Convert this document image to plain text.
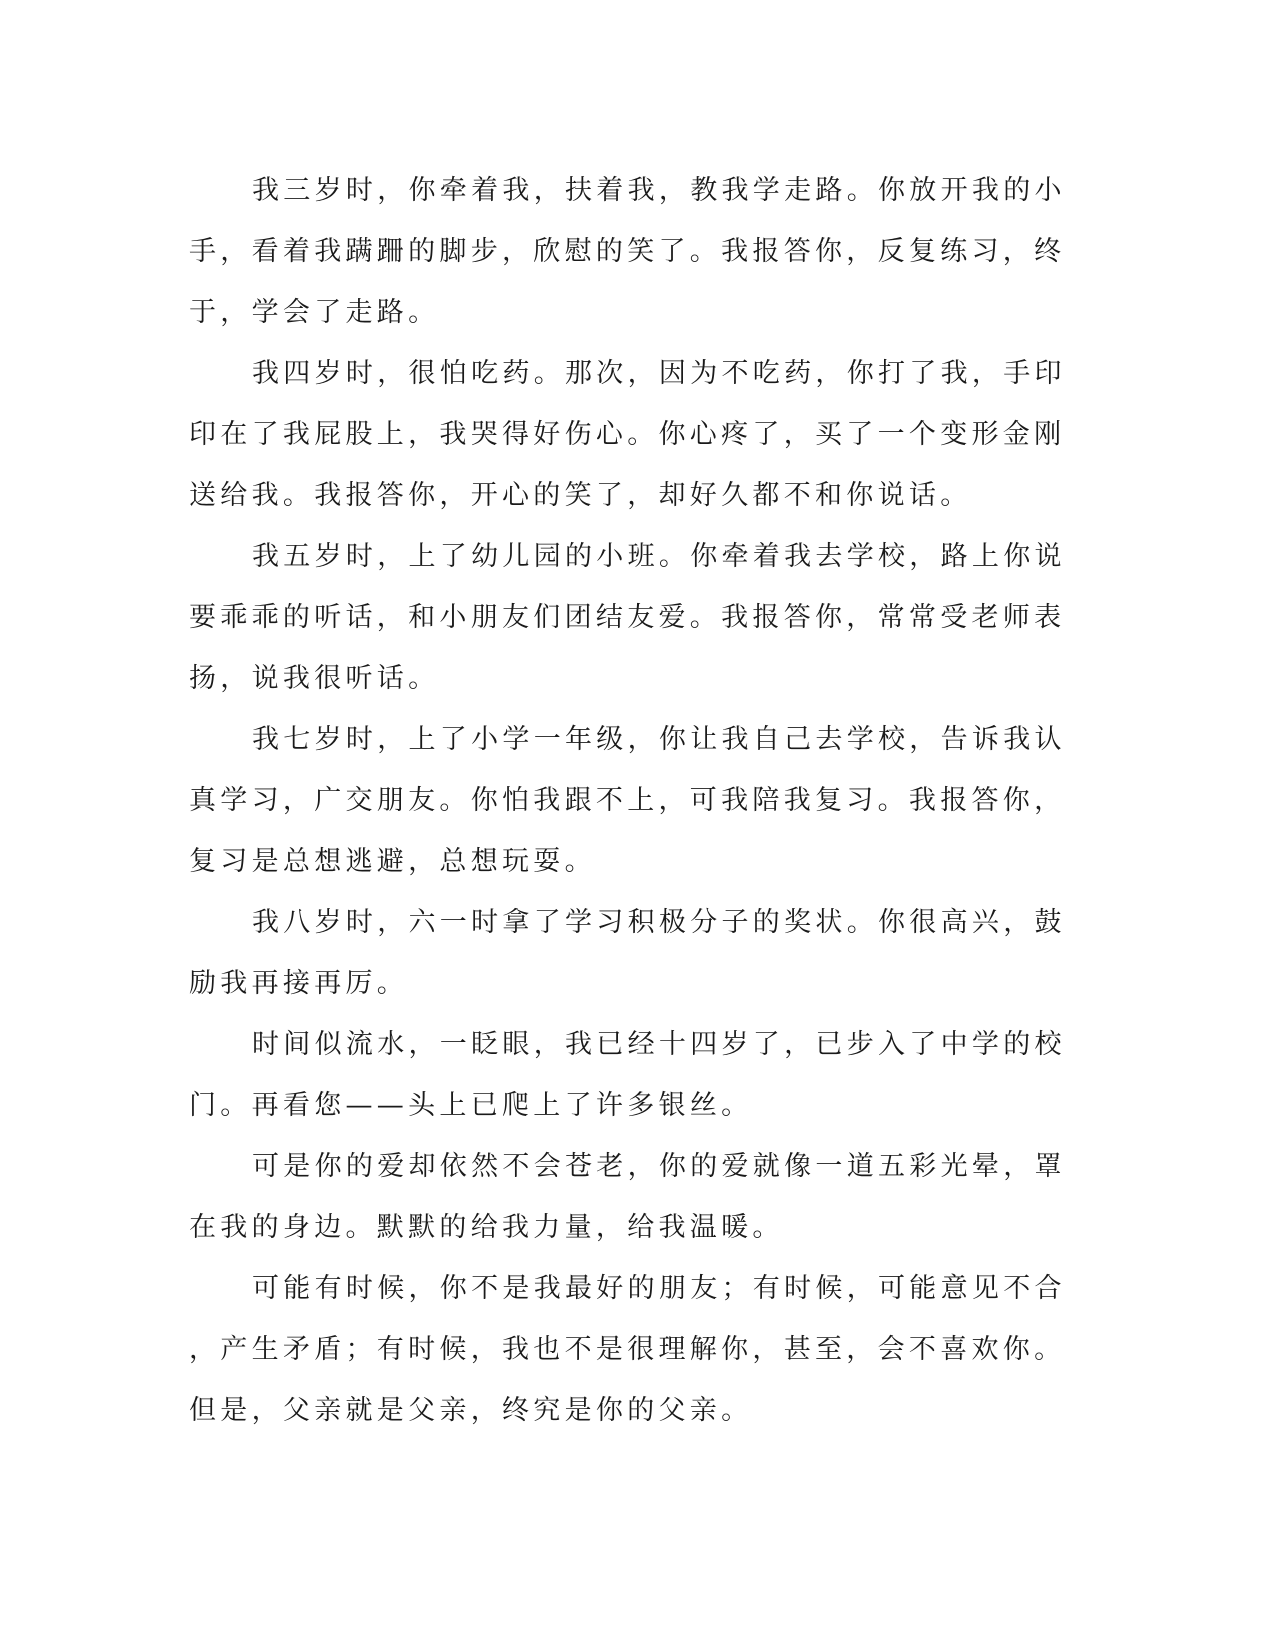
我三岁时，你牵着我，扶着我，教我学走路。你放开我的小手，看着我蹒跚的脚步，欣慰的笑了。我报答你，反复练习，终于，学会了走路。

我四岁时，很怕吃药。那次，因为不吃药，你打了我，手印印在了我屁股上，我哭得好伤心。你心疼了，买了一个变形金刚送给我。我报答你，开心的笑了，却好久都不和你说话。

我五岁时，上了幼儿园的小班。你牵着我去学校，路上你说要乖乖的听话，和小朋友们团结友爱。我报答你，常常受老师表扬，说我很听话。

我七岁时，上了小学一年级，你让我自己去学校，告诉我认真学习，广交朋友。你怕我跟不上，可我陪我复习。我报答你，复习是总想逃避，总想玩耍。

我八岁时，六一时拿了学习积极分子的奖状。你很高兴，鼓励我再接再厉。

时间似流水，一眨眼，我已经十四岁了，已步入了中学的校门。再看您——头上已爬上了许多银丝。

可是你的爱却依然不会苍老，你的爱就像一道五彩光晕，罩在我的身边。默默的给我力量，给我温暖。

可能有时候，你不是我最好的朋友；有时候，可能意见不合，产生矛盾；有时候，我也不是很理解你，甚至，会不喜欢你。但是，父亲就是父亲，终究是你的父亲。
